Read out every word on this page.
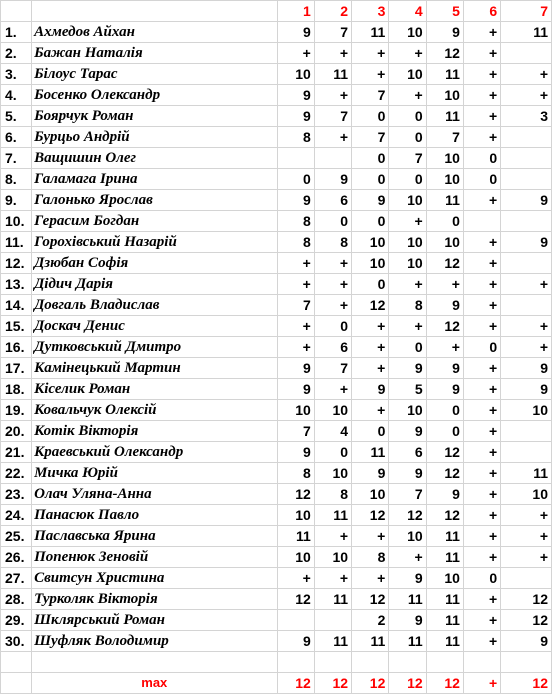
		1	2	3	4	5	6	7
1.	Ахмедов Айхан	9	7	11	10	9	+	11
2.	Бажан Наталія	+	+	+	+	12	+	
3.	Білоус Тарас	10	11	+	10	11	+	+
4.	Босенко Олександр	9	+	7	+	10	+	+
5.	Боярчук Роман	9	7	0	0	11	+	3
6.	Бурцьо Андрій	8	+	7	0	7	+	
7.	Ващишин Олег			0	7	10	0	
8.	Галамага Ірина	0	9	0	0	10	0	
9.	Галонько Ярослав	9	6	9	10	11	+	9
10.	Герасим Богдан	8	0	0	+	0		
11.	Горохівський Назарій	8	8	10	10	10	+	9
12.	Дзюбан Софія	+	+	10	10	12	+	
13.	Дідич Дарія	+	+	0	+	+	+	+
14.	Довгаль Владислав	7	+	12	8	9	+	
15.	Доскач Денис	+	0	+	+	12	+	+
16.	Дутковський Дмитро	+	6	+	0	+	0	+
17.	Камінецький Мартин	9	7	+	9	9	+	9
18.	Кiселик Роман	9	+	9	5	9	+	9
19.	Ковальчук Олексій	10	10	+	10	0	+	10
20.	Котік Вікторія	7	4	0	9	0	+	
21.	Краевський Олександр	9	0	11	6	12	+	
22.	Мичка Юрій	8	10	9	9	12	+	11
23.	Олач Уляна-Анна	12	8	10	7	9	+	10
24.	Панасюк Павло	10	11	12	12	12	+	+
25.	Паславська Ярина	11	+	+	10	11	+	+
26.	Попенюк Зеновій	10	10	8	+	11	+	+
27.	Свитсун Христина	+	+	+	9	10	0	
28.	Турколяк Вікторія	12	11	12	11	11	+	12
29.	Шклярський Роман			2	9	11	+	12
30.	Шуфляк Володимир	9	11	11	11	11	+	9

	max	12	12	12	12	12	+	12
